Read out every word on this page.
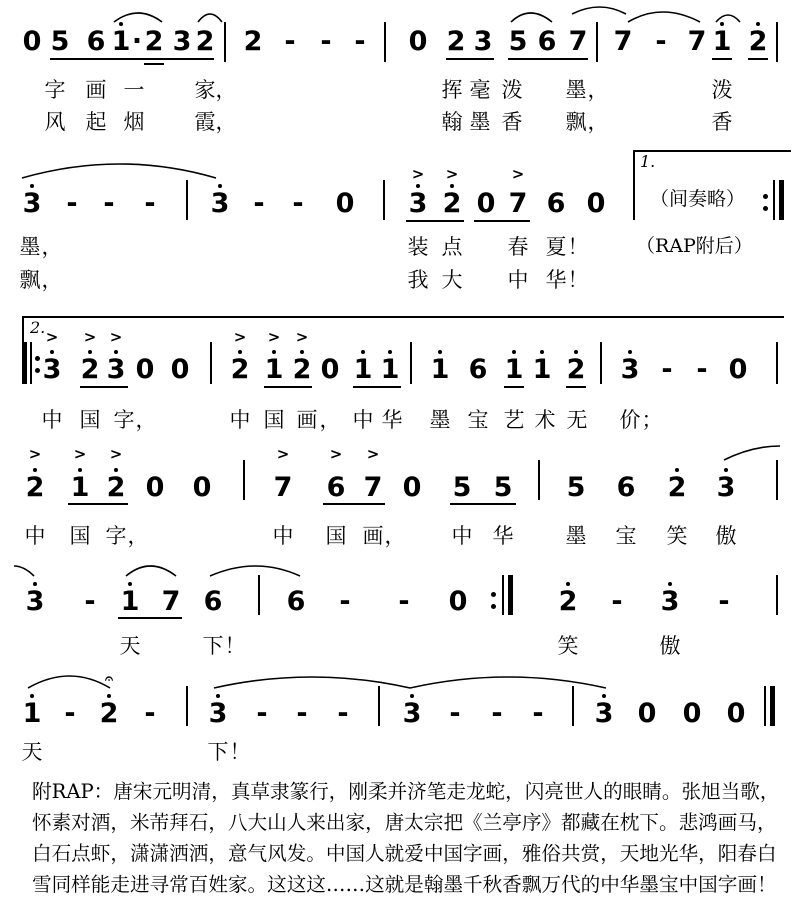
0 5 6 1 · 2 3 2 2 - - - 0 2 3 5 6 7 7 - 7 1 2
字 画 一 家 ，	挥 毫 泼 墨 ，	泼
风 起 烟 霞 ，	翰 墨 香 飘 ，	香
3 - - - 3 - - 0
> >	>
3 2 0 7 6 0
1.
（间奏略）
墨 ，	装 点 春 夏 ！	（RAP附后）
飘 ，	我 大 中 华 ！
2. > > >
3 2 3 0 0
> > >
2 1 2 0 1 1 1 6 1 1 2 3 - - 0
中 国 字 ，	中 国 画 ， 中 华 墨 宝 艺 术 无 价 ；
> > >
2 1 2 0 0
>	> >
7 6 7 0 5 5 5 6 2 3
中 国 字 ，	中 国 画 ， 中 华 墨 宝 笑 傲
3 - 1 7 6 6 - - 0	2 - 3 -
天	下 ！	笑	傲
1 - 2 - 3 - - - 3 - - - 3 0 0 0
𝄐
天	下 ！
附RAP：唐宋元明清，真草隶篆行，刚柔并济笔走龙蛇，闪亮世人的眼睛。张旭当歌，怀素对酒，米芾拜石，八大山人来出家，唐太宗把《兰亭序》都藏在枕下。悲鸿画马，白石点虾，潇潇洒洒，意气风发。中国人就爱中国字画，雅俗共赏，天地光华，阳春白雪同样能走进寻常百姓家。这这这……这就是翰墨千秋香飘万代的中华墨宝中国字画！
